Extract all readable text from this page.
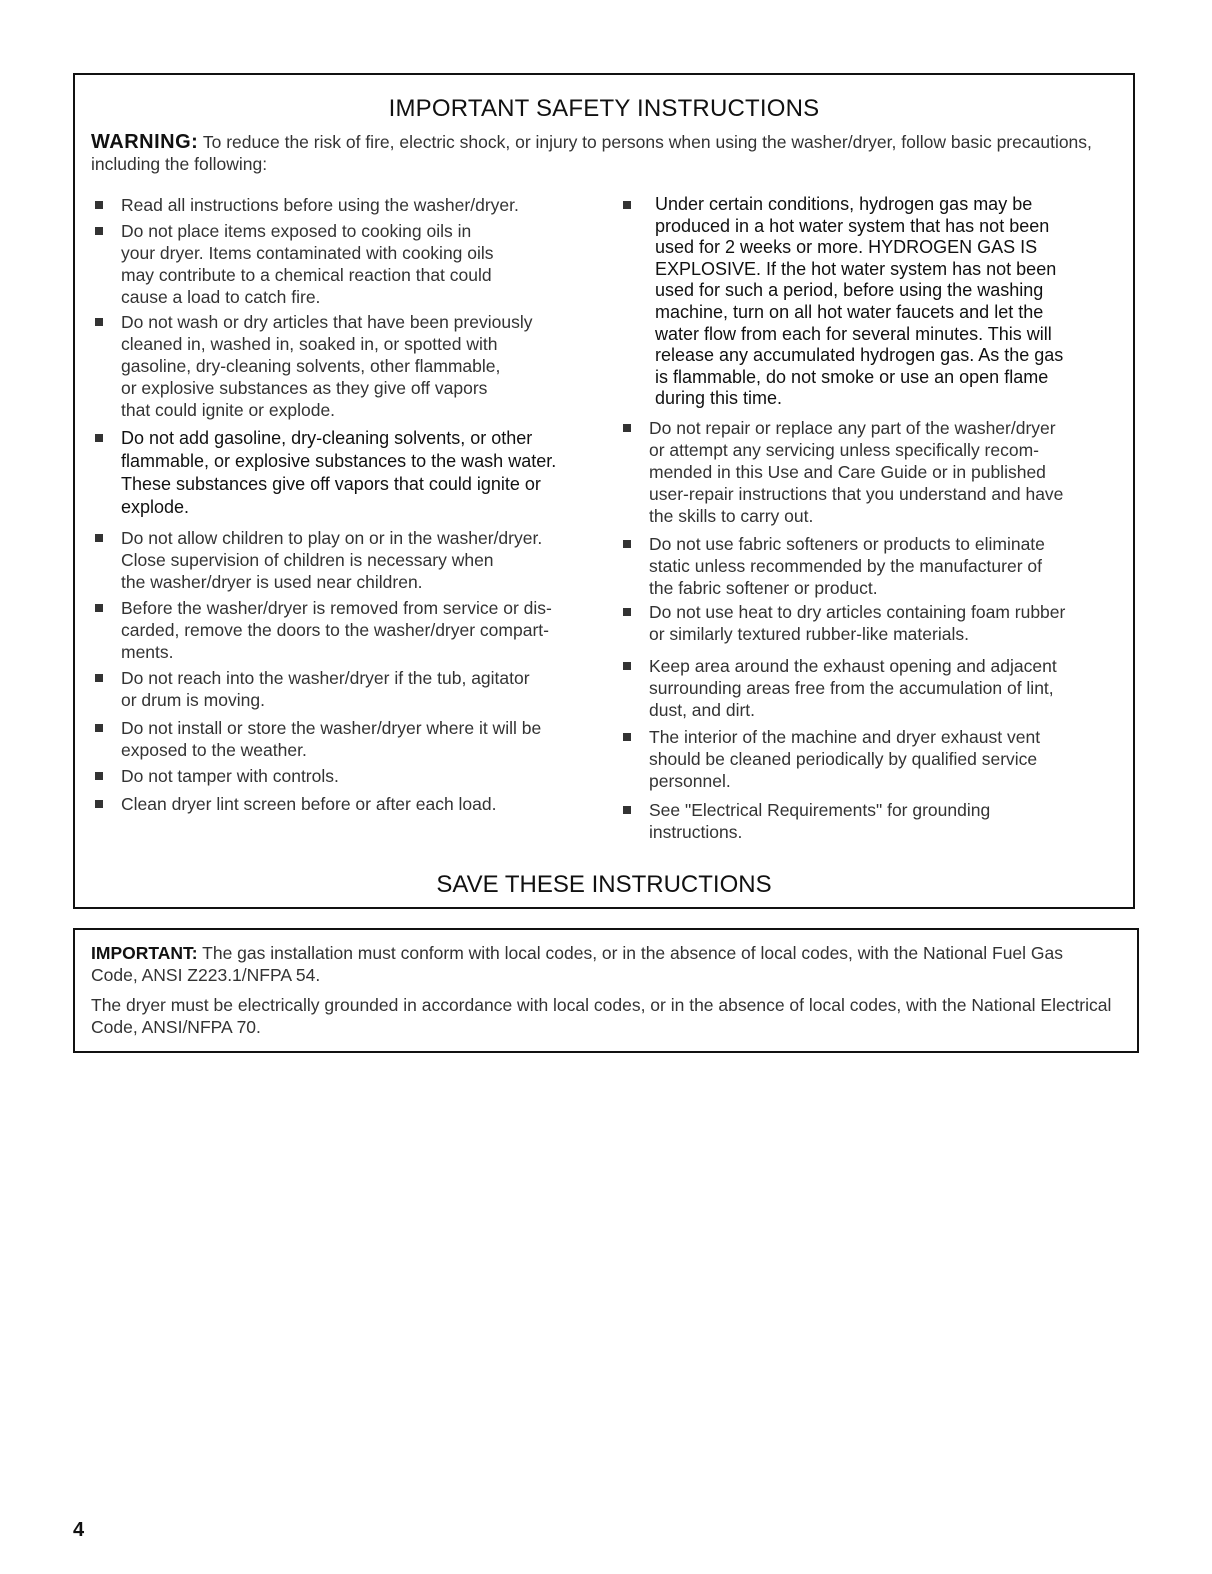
IMPORTANT SAFETY INSTRUCTIONS
WARNING: To reduce the risk of fire, electric shock, or injury to persons when using the washer/dryer, follow basic precautions, including the following:
Read all instructions before using the washer/dryer.
Do not place items exposed to cooking oils in
your dryer. Items contaminated with cooking oils
may contribute to a chemical reaction that could
cause a load to catch fire.
Do not wash or dry articles that have been previously
cleaned in, washed in, soaked in, or spotted with
gasoline, dry-cleaning solvents, other flammable,
or explosive substances as they give off vapors
that could ignite or explode.
Do not add gasoline, dry-cleaning solvents, or other
flammable, or explosive substances to the wash water.
These substances give off vapors that could ignite or
explode.
Do not allow children to play on or in the washer/dryer.
Close supervision of children is necessary when
the washer/dryer is used near children.
Before the washer/dryer is removed from service or dis-
carded, remove the doors to the washer/dryer compart-
ments.
Do not reach into the washer/dryer if the tub, agitator
or drum is moving.
Do not install or store the washer/dryer where it will be
exposed to the weather.
Do not tamper with controls.
Clean dryer lint screen before or after each load.
Under certain conditions, hydrogen gas may be
produced in a hot water system that has not been
used for 2 weeks or more. HYDROGEN GAS IS
EXPLOSIVE. If the hot water system has not been
used for such a period, before using the washing
machine, turn on all hot water faucets and let the
water flow from each for several minutes. This will
release any accumulated hydrogen gas. As the gas
is flammable, do not smoke or use an open flame
during this time.
Do not repair or replace any part of the washer/dryer
or attempt any servicing unless specifically recom-
mended in this Use and Care Guide or in published
user-repair instructions that you understand and have
the skills to carry out.
Do not use fabric softeners or products to eliminate
static unless recommended by the manufacturer of
the fabric softener or product.
Do not use heat to dry articles containing foam rubber
or similarly textured rubber-like materials.
Keep area around the exhaust opening and adjacent
surrounding areas free from the accumulation of lint,
dust, and dirt.
The interior of the machine and dryer exhaust vent
should be cleaned periodically by qualified service
personnel.
See "Electrical Requirements" for grounding
instructions.
SAVE THESE INSTRUCTIONS
IMPORTANT: The gas installation must conform with local codes, or in the absence of local codes, with the National Fuel Gas Code, ANSI Z223.1/NFPA 54.
The dryer must be electrically grounded in accordance with local codes, or in the absence of local codes, with the National Electrical Code, ANSI/NFPA 70.
4
